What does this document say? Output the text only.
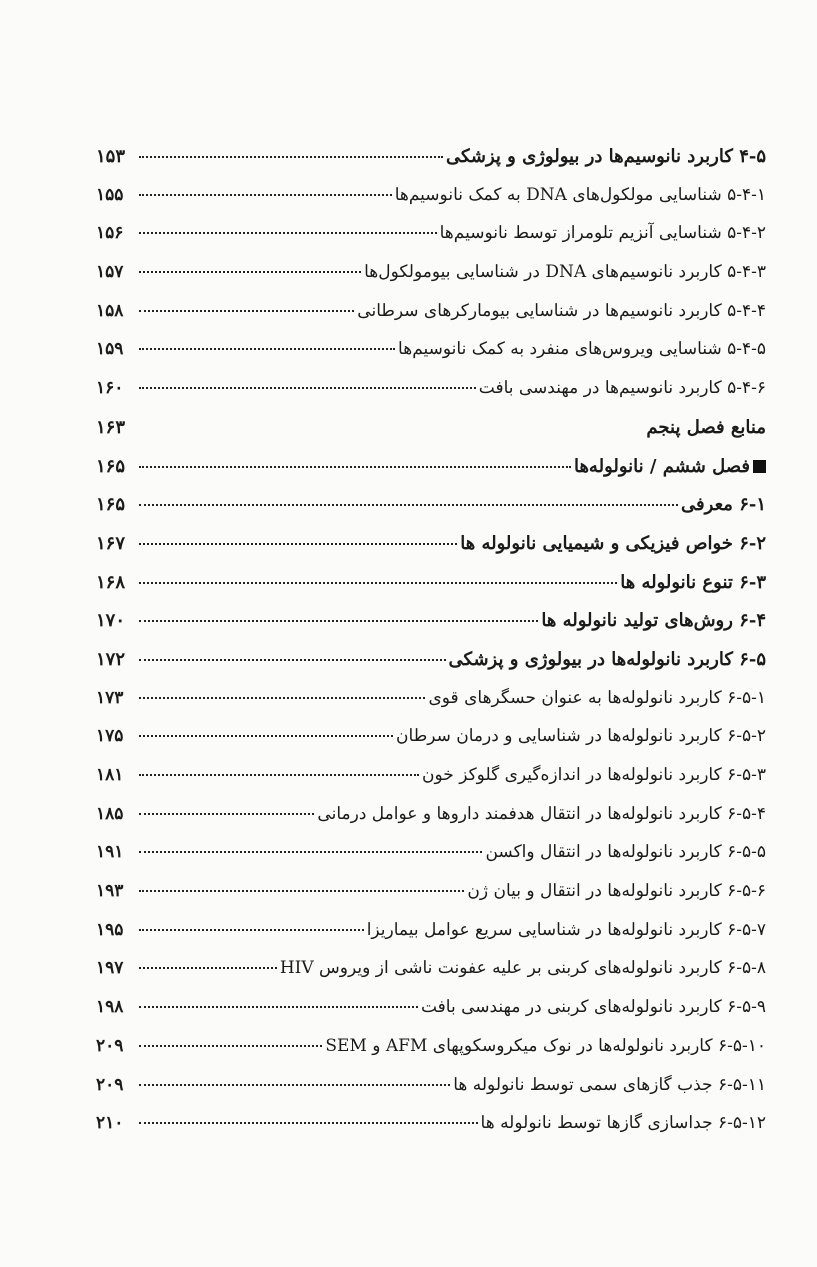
۴-۵ کاربرد نانوسیم‌ها در بیولوژی و پزشکی
۱۵۳
۵-۴-۱ شناسایی مولکول‌های DNA به کمک نانوسیم‌ها
۱۵۵
۵-۴-۲ شناسایی آنزیم تلومراز توسط نانوسیم‌ها
۱۵۶
۵-۴-۳ کاربرد نانوسیم‌های DNA در شناسایی بیومولکول‌ها
۱۵۷
۵-۴-۴ کاربرد نانوسیم‌ها در شناسایی بیومارکرهای سرطانی
۱۵۸
۵-۴-۵ شناسایی ویروس‌های منفرد به کمک نانوسیم‌ها
۱۵۹
۵-۴-۶ کاربرد نانوسیم‌ها در مهندسی بافت
۱۶۰
منابع فصل پنجم
۱۶۳
فصل ششم / نانولوله‌ها
۱۶۵
۶-۱ معرفی
۱۶۵
۶-۲ خواص فیزیکی و شیمیایی نانولوله ها
۱۶۷
۶-۳ تنوع نانولوله ها
۱۶۸
۶-۴ روش‌های تولید نانولوله ها
۱۷۰
۶-۵ کاربرد نانولوله‌ها در بیولوژی و پزشکی
۱۷۲
۶-۵-۱ کاربرد نانولوله‌ها به عنوان حسگرهای قوی
۱۷۳
۶-۵-۲ کاربرد نانولوله‌ها در شناسایی و درمان سرطان
۱۷۵
۶-۵-۳ کاربرد نانولوله‌ها در اندازه‌گیری گلوکز خون
۱۸۱
۶-۵-۴ کاربرد نانولوله‌ها در انتقال هدفمند داروها و عوامل درمانی
۱۸۵
۶-۵-۵ کاربرد نانولوله‌ها در انتقال واکسن
۱۹۱
۶-۵-۶ کاربرد نانولوله‌ها در انتقال و بیان ژن
۱۹۳
۶-۵-۷ کاربرد نانولوله‌ها در شناسایی سریع عوامل بیماریزا
۱۹۵
۶-۵-۸ کاربرد نانولوله‌های کربنی بر علیه عفونت ناشی از ویروس HIV
۱۹۷
۶-۵-۹ کاربرد نانولوله‌های کربنی در مهندسی بافت
۱۹۸
۶-۵-۱۰ کاربرد نانولوله‌ها در نوک میکروسکوپهای AFM و SEM
۲۰۹
۶-۵-۱۱ جذب گازهای سمی توسط نانولوله ها
۲۰۹
۶-۵-۱۲ جداسازی گازها توسط نانولوله ها
۲۱۰
